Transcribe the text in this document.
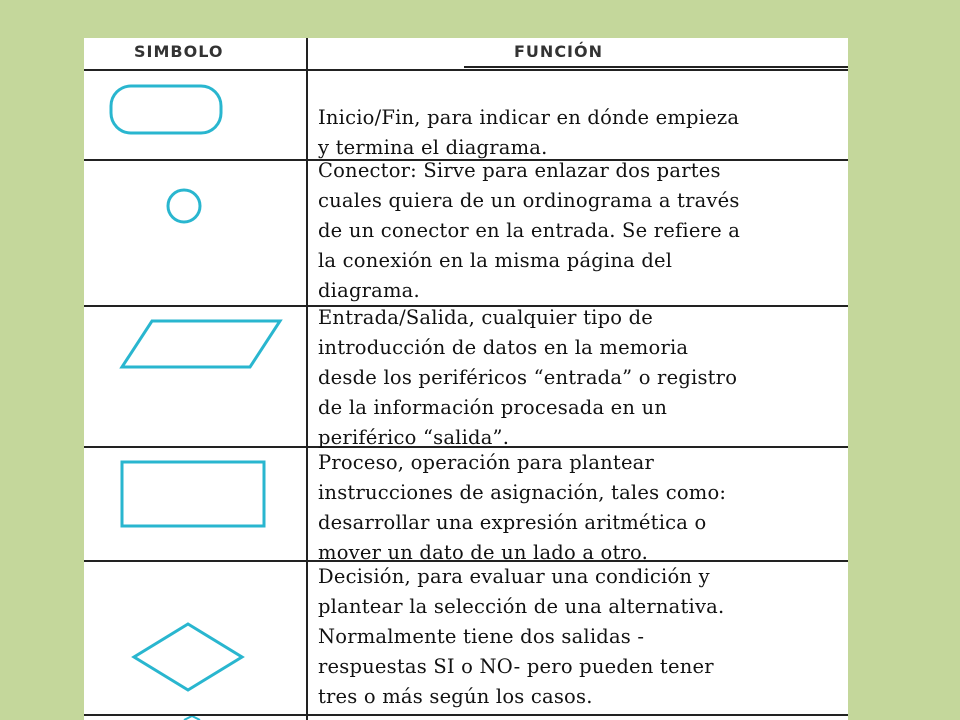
SIMBOLO	FUNCIÓN
Inicio/Fin, para indicar en dónde empieza
y termina el diagrama.
Conector: Sirve para enlazar dos partes
cuales quiera de un ordinograma a través
de un conector en la entrada. Se refiere a
la conexión en la misma página del
diagrama.
Entrada/Salida, cualquier tipo de
introducción de datos en la memoria
desde los periféricos “entrada” o registro
de la información procesada en un
periférico “salida”.
Proceso, operación para plantear
instrucciones de asignación, tales como:
desarrollar una expresión aritmética o
mover un dato de un lado a otro.
Decisión, para evaluar una condición y
plantear la selección de una alternativa.
Normalmente tiene dos salidas -
respuestas SI o NO- pero pueden tener
tres o más según los casos.
